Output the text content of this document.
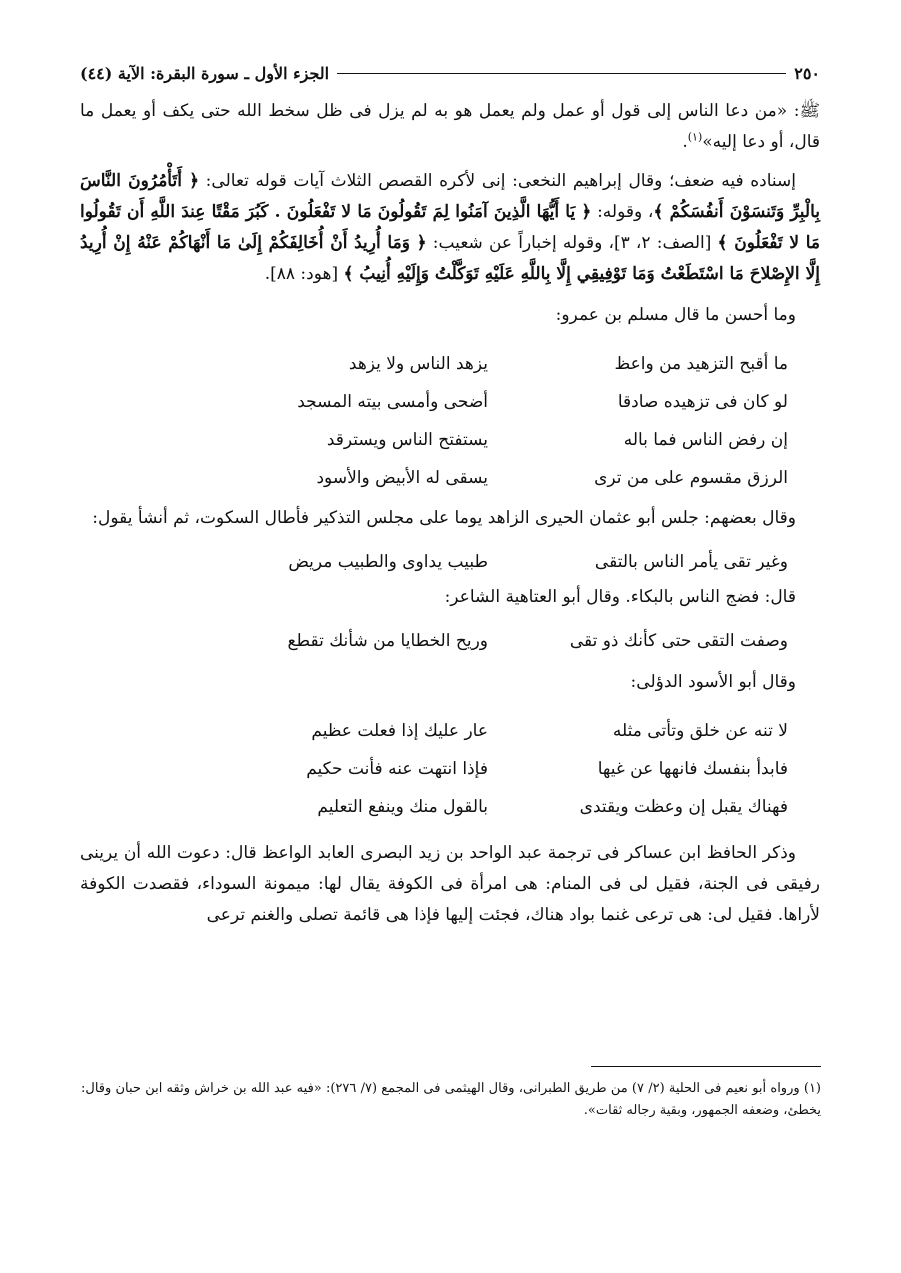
٢٥٠
الجزء الأول ـ سورة البقرة: الآية (٤٤)

ﷺ: «من دعا الناس إلى قول أو عمل ولم يعمل هو به لم يزل فى ظل سخط الله حتى يكف أو يعمل ما قال، أو دعا إليه»$^{(١)}$.

إسناده فيه ضعف؛ وقال إبراهيم النخعى: إنى لأكره القصص الثلاث آيات قوله تعالى: ﴿ أَتَأْمُرُونَ النَّاسَ بِالْبِرِّ وَتَنسَوْنَ أَنفُسَكُمْ ﴾، وقوله: ﴿ يَا أَيُّهَا الَّذِينَ آمَنُوا لِمَ تَقُولُونَ مَا لا تَفْعَلُونَ . كَبُرَ مَقْتًا عِندَ اللَّهِ أَن تَقُولُوا مَا لا تَفْعَلُونَ ﴾ [الصف: ٢، ٣]، وقوله إخباراً عن شعيب: ﴿ وَمَا أُرِيدُ أَنْ أُخَالِفَكُمْ إِلَىٰ مَا أَنْهَاكُمْ عَنْهُ إِنْ أُرِيدُ إِلَّا الإِصْلاحَ مَا اسْتَطَعْتُ وَمَا تَوْفِيقِي إِلَّا بِاللَّهِ عَلَيْهِ تَوَكَّلْتُ وَإِلَيْهِ أُنِيبُ ﴾ [هود: ٨٨].

وما أحسن ما قال مسلم بن عمرو:

ما أقبح التزهيد من واعظ
يزهد الناس ولا يزهد
لو كان فى تزهيده صادقا
أضحى وأمسى بيته المسجد
إن رفض الناس فما باله
يستفتح الناس ويسترقد
الرزق مقسوم على من ترى
يسقى له الأبيض والأسود

وقال بعضهم: جلس أبو عثمان الحيرى الزاهد يوما على مجلس التذكير فأطال السكوت، ثم أنشأ يقول:

وغير تقى يأمر الناس بالتقى
طبيب يداوى والطبيب مريض

قال: فضج الناس بالبكاء. وقال أبو العتاهية الشاعر:

وصفت التقى حتى كأنك ذو تقى
وريح الخطايا من شأنك تقطع

وقال أبو الأسود الدؤلى:

لا تنه عن خلق وتأتى مثله
عار عليك إذا فعلت عظيم
فابدأ بنفسك فانهها عن غيها
فإذا انتهت عنه فأنت حكيم
فهناك يقبل إن وعظت ويقتدى
بالقول منك وينفع التعليم

وذكر الحافظ ابن عساكر فى ترجمة عبد الواحد بن زيد البصرى العابد الواعظ قال: دعوت الله أن يرينى رفيقى فى الجنة، فقيل لى فى المنام: هى امرأة فى الكوفة يقال لها: ميمونة السوداء، فقصدت الكوفة لأراها. فقيل لى: هى ترعى غنما بواد هناك، فجئت إليها فإذا هى قائمة تصلى والغنم ترعى

(١) ورواه أبو نعيم فى الحلية (٢/ ٧) من طريق الطبرانى، وقال الهيثمى فى المجمع (٧/ ٢٧٦): «فيه عبد الله بن خراش وثقه ابن حبان وقال: يخطئ، وضعفه الجمهور، وبقية رجاله ثقات».
